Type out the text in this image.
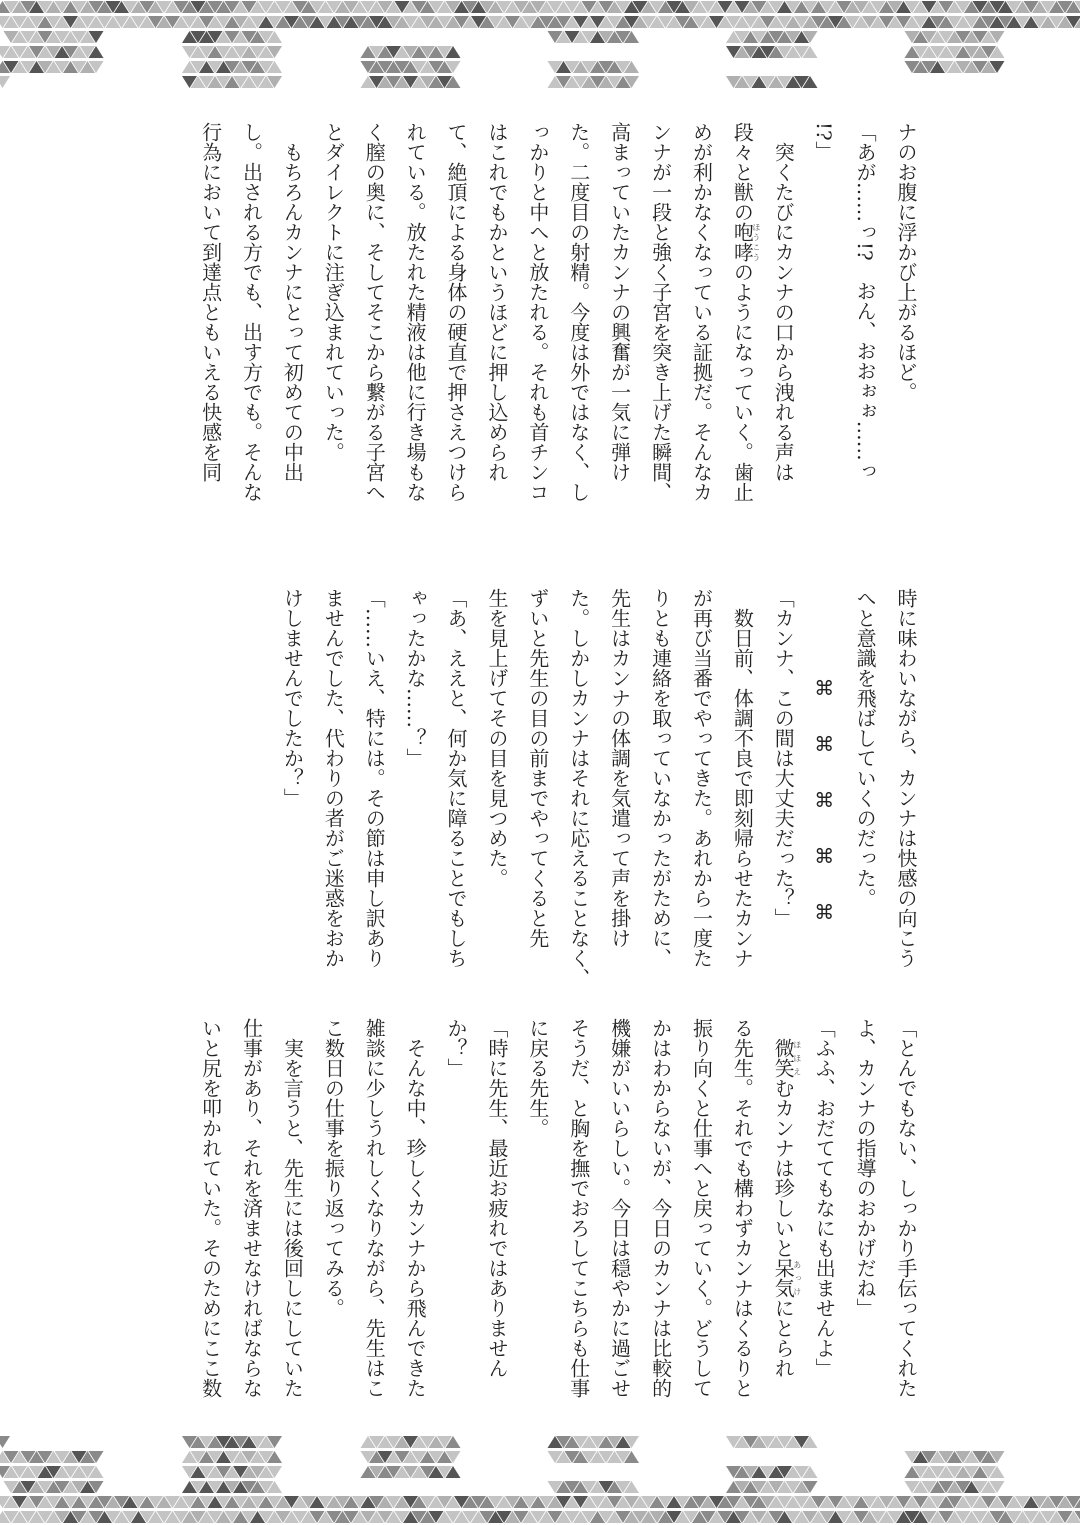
ナのお腹に浮かび上がるほど。
「あが……っ!?　おん、おおぉぉ……っ
!?」
　突くたびにカンナの口から洩れる声は
段々と獣の咆哮ほうこうのようになっていく。歯止
めが利かなくなっている証拠だ。そんなカ
ンナが一段と強く子宮を突き上げた瞬間、
高まっていたカンナの興奮が一気に弾け
た。二度目の射精。今度は外ではなく、し
っかりと中へと放たれる。それも首チンコ
はこれでもかというほどに押し込められ
て、絶頂による身体の硬直で押さえつけら
れている。放たれた精液は他に行き場もな
く膣の奥に、そしてそこから繋がる子宮へ
とダイレクトに注ぎ込まれていった。
　もちろんカンナにとって初めての中出
し。出される方でも、出す方でも。そんな
行為において到達点ともいえる快感を同
時に味わいながら、カンナは快感の向こう
へと意識を飛ばしていくのだった。
⌘　⌘　⌘　⌘　⌘
「カンナ、この間は大丈夫だった？」
　数日前、体調不良で即刻帰らせたカンナ
が再び当番でやってきた。あれから一度た
りとも連絡を取っていなかったがために、
先生はカンナの体調を気遣って声を掛け
た。しかしカンナはそれに応えることなく、
ずいと先生の目の前までやってくると先
生を見上げてその目を見つめた。
「あ、ええと、何か気に障ることでもしち
ゃったかな……？」
「……いえ、特には。その節は申し訳あり
ませんでした、代わりの者がご迷惑をおか
けしませんでしたか？」
「とんでもない、しっかり手伝ってくれた
よ、カンナの指導のおかげだね」
「ふふ、おだててもなにも出ませんよ」
　微笑ほほえむカンナは珍しいと呆気あっけにとられ
る先生。それでも構わずカンナはくるりと
振り向くと仕事へと戻っていく。どうして
かはわからないが、今日のカンナは比較的
機嫌がいいらしい。今日は穏やかに過ごせ
そうだ、と胸を撫でおろしてこちらも仕事
に戻る先生。
「時に先生、最近お疲れではありません
か？」
　そんな中、珍しくカンナから飛んできた
雑談に少しうれしくなりながら、先生はこ
こ数日の仕事を振り返ってみる。
　実を言うと、先生には後回しにしていた
仕事があり、それを済ませなければならな
いと尻を叩かれていた。そのためにここ数
